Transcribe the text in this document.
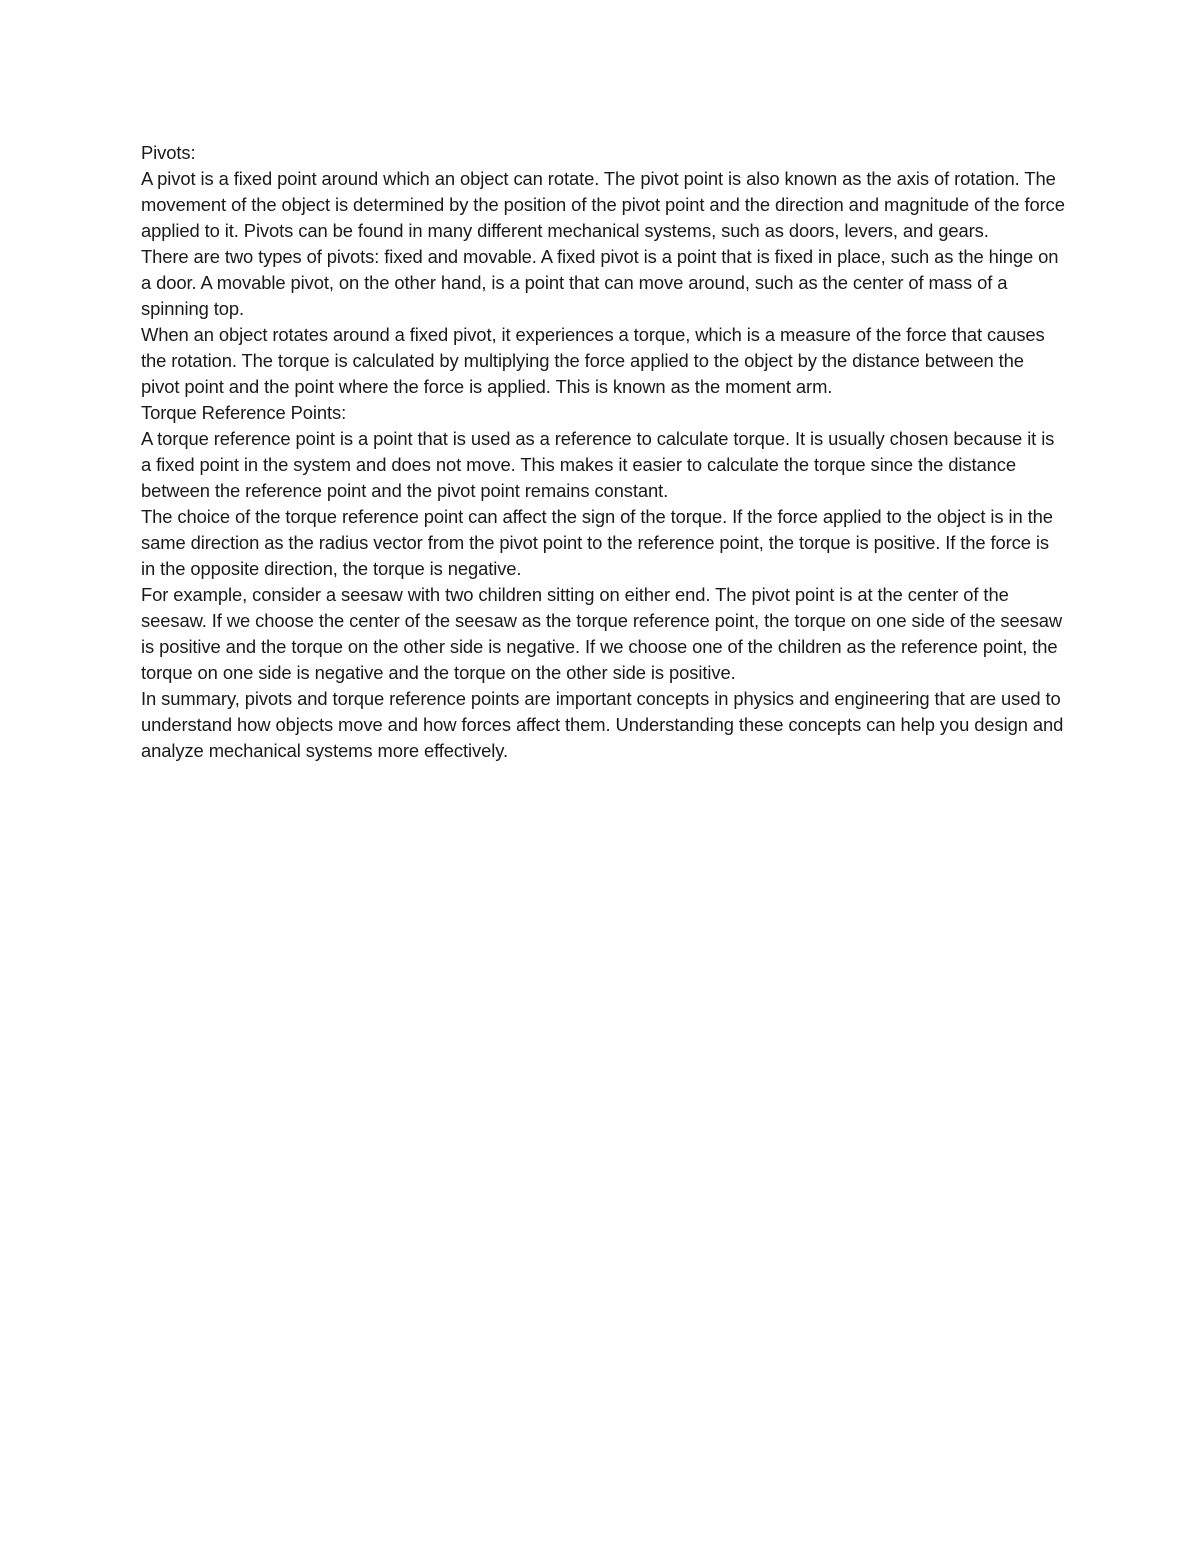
Pivots:

A pivot is a fixed point around which an object can rotate. The pivot point is also known as the axis of rotation. The movement of the object is determined by the position of the pivot point and the direction and magnitude of the force applied to it. Pivots can be found in many different mechanical systems, such as doors, levers, and gears.

There are two types of pivots: fixed and movable. A fixed pivot is a point that is fixed in place, such as the hinge on a door. A movable pivot, on the other hand, is a point that can move around, such as the center of mass of a spinning top.

When an object rotates around a fixed pivot, it experiences a torque, which is a measure of the force that causes the rotation. The torque is calculated by multiplying the force applied to the object by the distance between the pivot point and the point where the force is applied. This is known as the moment arm.

Torque Reference Points:

A torque reference point is a point that is used as a reference to calculate torque. It is usually chosen because it is a fixed point in the system and does not move. This makes it easier to calculate the torque since the distance between the reference point and the pivot point remains constant.

The choice of the torque reference point can affect the sign of the torque. If the force applied to the object is in the same direction as the radius vector from the pivot point to the reference point, the torque is positive. If the force is in the opposite direction, the torque is negative.

For example, consider a seesaw with two children sitting on either end. The pivot point is at the center of the seesaw. If we choose the center of the seesaw as the torque reference point, the torque on one side of the seesaw is positive and the torque on the other side is negative. If we choose one of the children as the reference point, the torque on one side is negative and the torque on the other side is positive.

In summary, pivots and torque reference points are important concepts in physics and engineering that are used to understand how objects move and how forces affect them. Understanding these concepts can help you design and analyze mechanical systems more effectively.
